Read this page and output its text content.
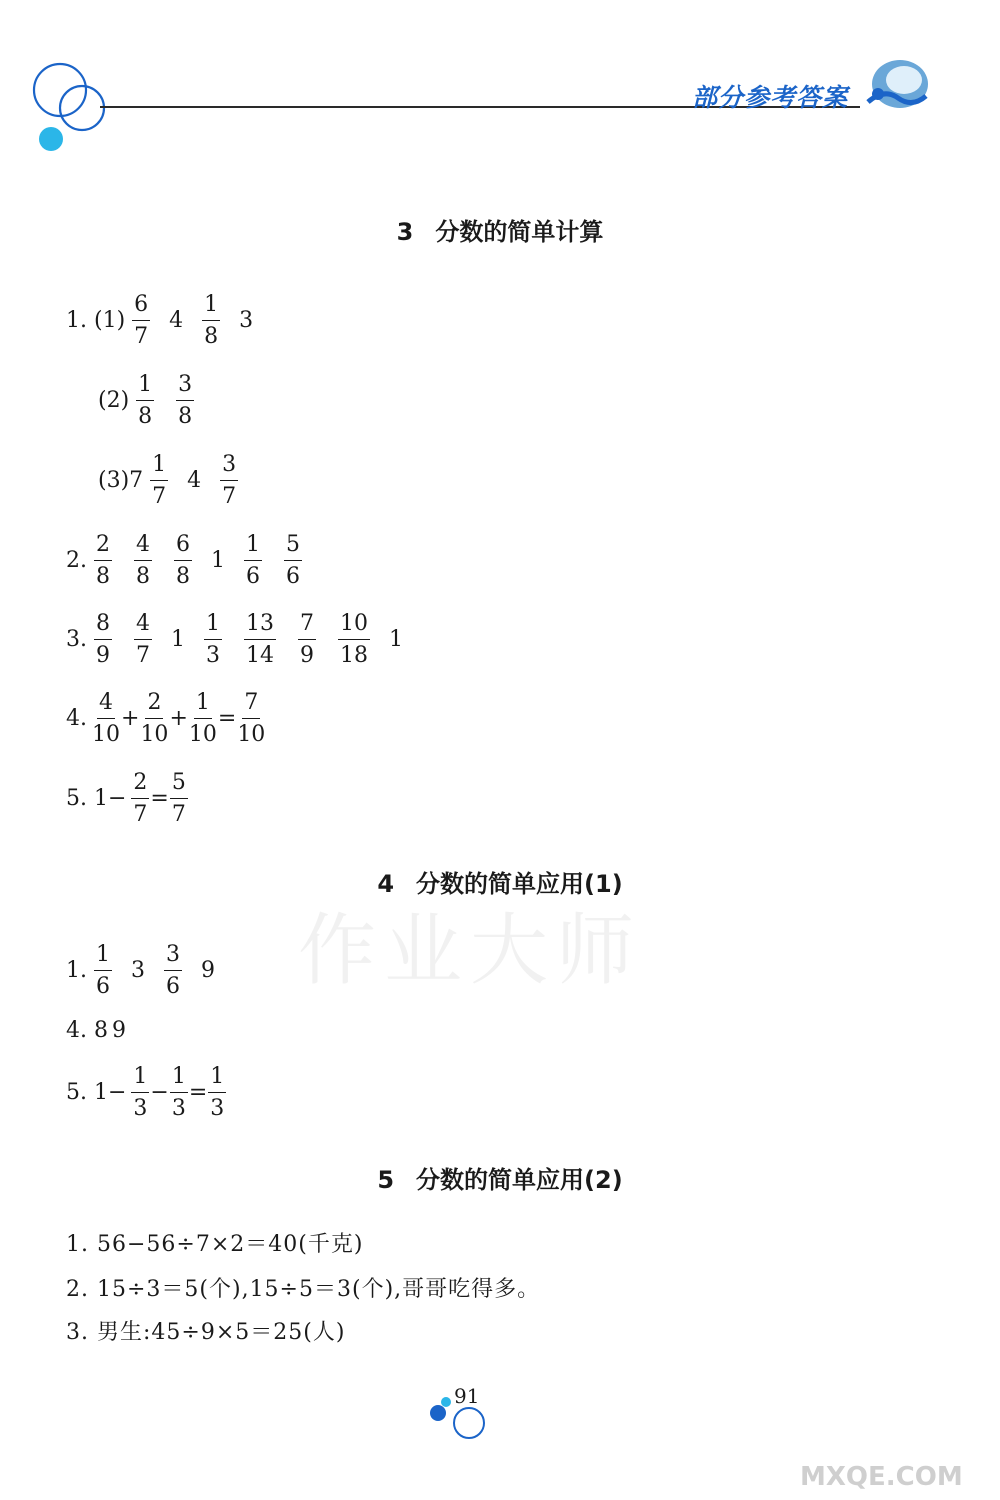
部分参考答案
3 分数的简单计算
1. $(1) \frac{6}{7} 4 \frac{1}{8} 3$
$(2) \frac{1}{8} \frac{3}{8}$
$(3)7 \frac{1}{7} 4 \frac{3}{7}$
2. $\frac{2}{8} \frac{4}{8} \frac{6}{8} 1 \frac{1}{6} \frac{5}{6}$
3. $\frac{8}{9} \frac{4}{7} 1 \frac{1}{3} \frac{13}{14} \frac{7}{9} \frac{10}{18} 1$
4. $\frac{4}{10} + \frac{2}{10} + \frac{1}{10} = \frac{7}{10}$
5. $1- \frac{2}{7} = \frac{5}{7}$
4 分数的简单应用(1)
1. $\frac{1}{6} 3 \frac{3}{6} 9$
4. 8 9
5. $1- \frac{1}{3} - \frac{1}{3} = \frac{1}{3}$
5 分数的简单应用(2)
1. 56−56÷7×2＝40(千克)
2. 15÷3＝5(个),15÷5＝3(个),哥哥吃得多。
3. 男生:45÷9×5＝25(人)
91
作业大师
MXQE.COM
